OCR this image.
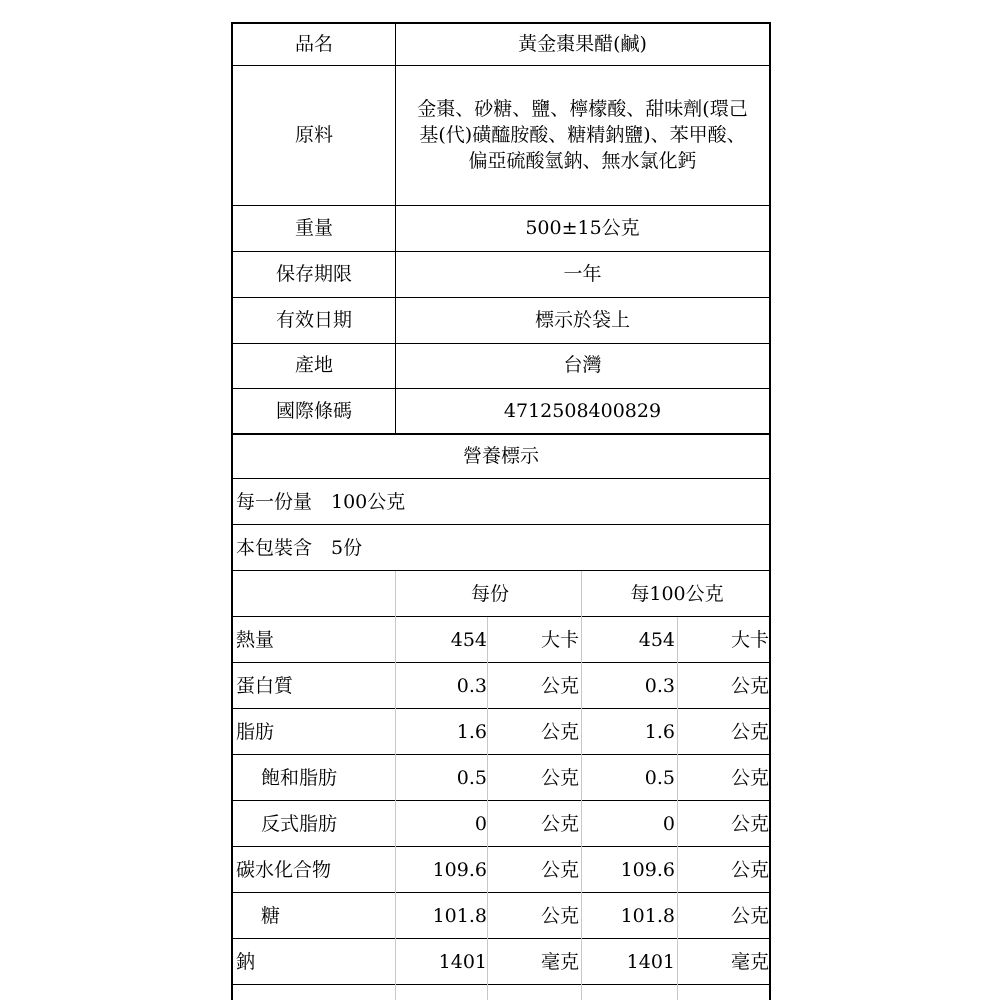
品名	黃金棗果醋(鹹)
原料	金棗、砂糖、鹽、檸檬酸、甜味劑(環己
基(代)磺醯胺酸、糖精鈉鹽)、苯甲酸、
偏亞硫酸氫鈉、無水氯化鈣

重量	500±15公克
保存期限	一年
有效日期	標示於袋上
產地	台灣
國際條碼	4712508400829
營養標示
每一份量　100公克
本包裝含　5份
每份	每100公克
熱量	454	大卡	454	大卡
蛋白質	0.3	公克	0.3	公克
脂肪	1.6	公克	1.6	公克
飽和脂肪	0.5	公克	0.5	公克
反式脂肪	0	公克	0	公克
碳水化合物	109.6	公克	109.6	公克
糖	101.8	公克	101.8	公克
鈉	1401	毫克	1401	毫克
